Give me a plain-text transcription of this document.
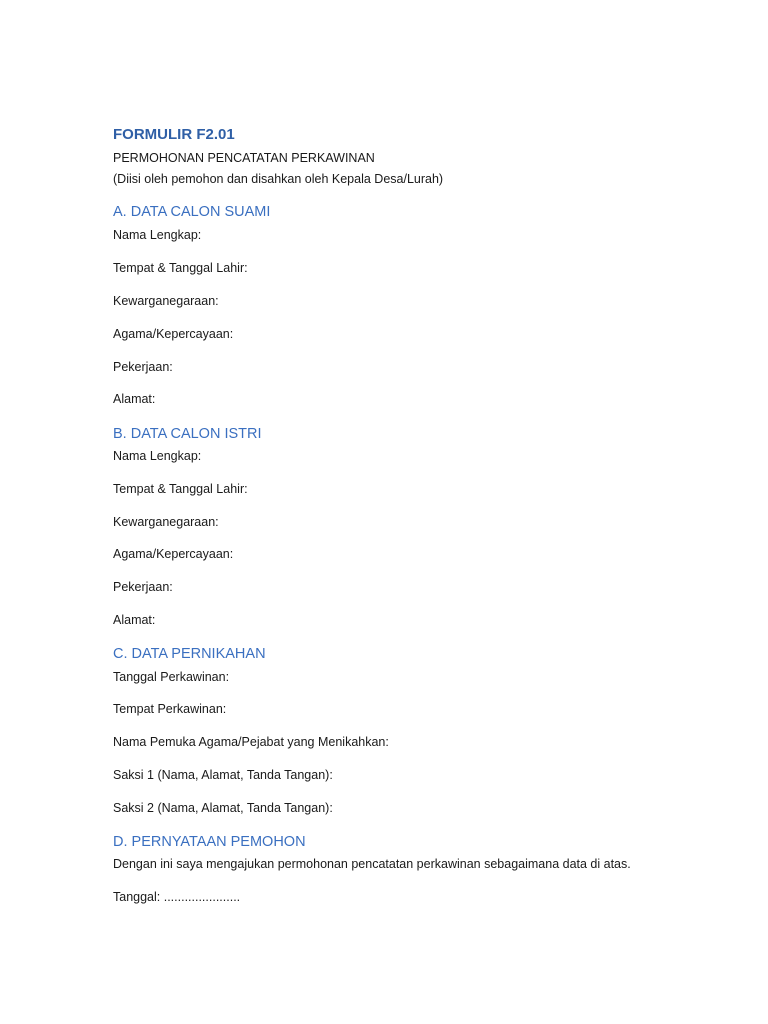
FORMULIR F2.01
PERMOHONAN PENCATATAN PERKAWINAN
(Diisi oleh pemohon dan disahkan oleh Kepala Desa/Lurah)
A. DATA CALON SUAMI
Nama Lengkap:
Tempat & Tanggal Lahir:
Kewarganegaraan:
Agama/Kepercayaan:
Pekerjaan:
Alamat:
B. DATA CALON ISTRI
Nama Lengkap:
Tempat & Tanggal Lahir:
Kewarganegaraan:
Agama/Kepercayaan:
Pekerjaan:
Alamat:
C. DATA PERNIKAHAN
Tanggal Perkawinan:
Tempat Perkawinan:
Nama Pemuka Agama/Pejabat yang Menikahkan:
Saksi 1 (Nama, Alamat, Tanda Tangan):
Saksi 2 (Nama, Alamat, Tanda Tangan):
D. PERNYATAAN PEMOHON
Dengan ini saya mengajukan permohonan pencatatan perkawinan sebagaimana data di atas.
Tanggal: ......................
